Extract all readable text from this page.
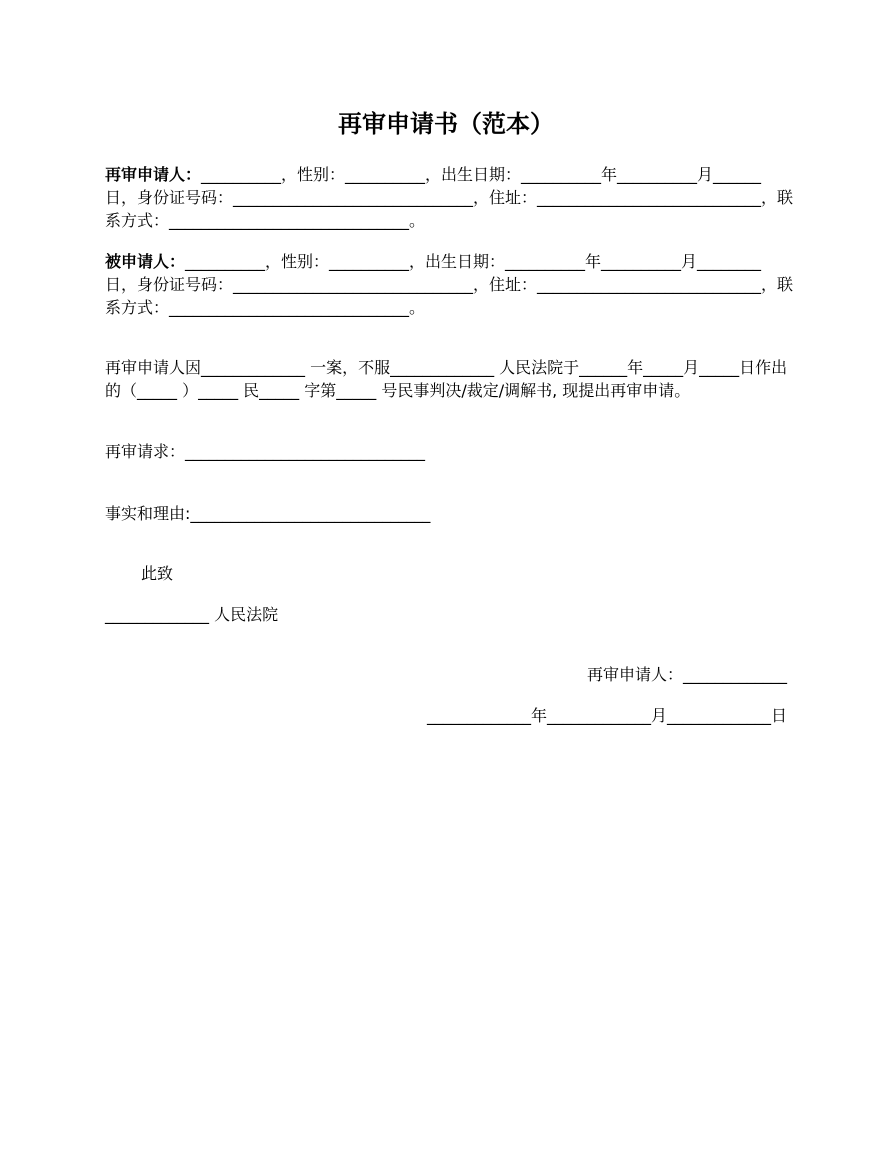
再审申请书（范本）
再审申请人：__________，性别：__________，出生日期：__________年__________月______日，身份证号码：______________________________，住址：____________________________，联系方式：______________________________。
被申请人：__________，性别：__________，出生日期：__________年__________月________日，身份证号码：______________________________，住址：____________________________，联系方式：______________________________。
再审申请人因_____________ 一案，不服_____________ 人民法院于______年_____月_____日作出的（_____ ）_____ 民_____ 字第_____ 号民事判决/裁定/调解书, 现提出再审申请。
再审请求：______________________________
事实和理由:______________________________
此致
_____________ 人民法院
再审申请人：_____________
_____________年_____________月_____________日
